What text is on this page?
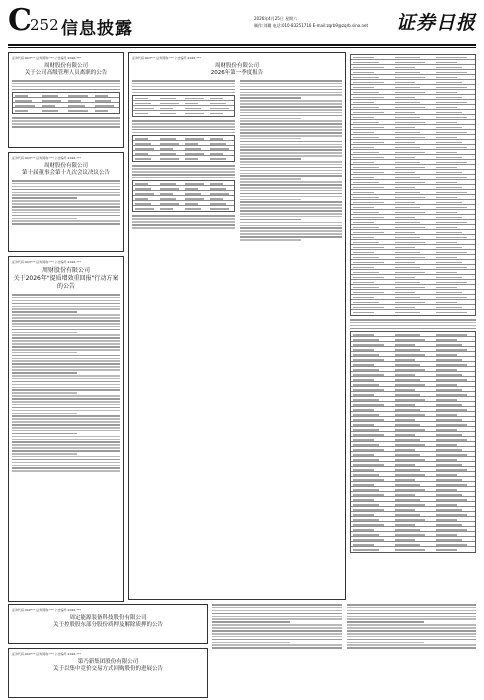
C
252 信息披露
2026年4月25日 星期六
制作:刘璐 电话:010-83251716 E-mail:zqrb9@zqrb.sina.net 证券日报
证券代码:603*** 证券简称:*** 公告编号:2026-***
周财股份有限公司
关于公司高级管理人员离职的公告
证券代码:603*** 证券简称:*** 公告编号:2026-***
周财股份有限公司
第十届董事会第十九次会议决议公告
证券代码:603*** 证券简称:*** 公告编号:2026-***
周财股份有限公司
关于2026年"提质增效重回报"行动方案的公告
证券代码:603*** 证券简称:*** 公告编号:2026-***
周财股份有限公司
2026年第一季度报告
证券代码:000*** 证券简称:*** 公告编号:2026-***
周定能源装备科技股份有限公司
关于控股股东部分股份质押及解除质押的公告
证券代码:600*** 证券简称:*** 公告编号:2026-***
第乃新集团股份有限公司
关于以集中竞价交易方式回购股份的进展公告
